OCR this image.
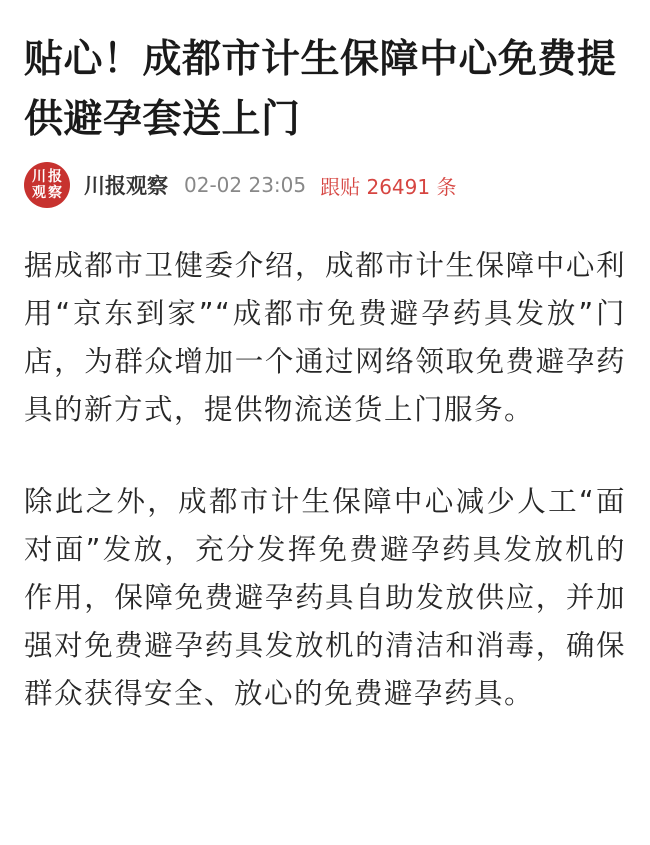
贴心！成都市计生保障中心免费提供避孕套送上门
川 报
观 察 川报观察 02-02 23:05 跟贴 26491 条

据成都市卫健委介绍，成都市计生保障中心利用“京东到家”“成都市免费避孕药具发放”门店，为群众增加一个通过网络领取免费避孕药具的新方式，提供物流送货上门服务。

除此之外，成都市计生保障中心减少人工“面对面”发放，充分发挥免费避孕药具发放机的作用，保障免费避孕药具自助发放供应，并加强对免费避孕药具发放机的清洁和消毒，确保群众获得安全、放心的免费避孕药具。
